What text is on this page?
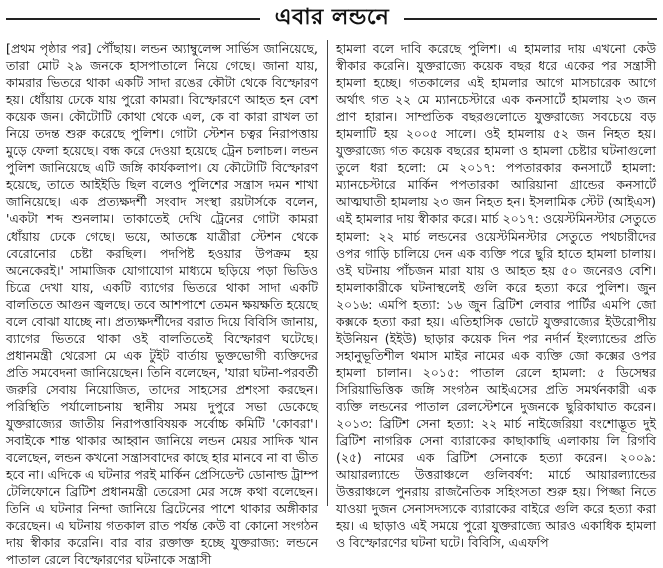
এবার লন্ডনে

[প্রথম পৃষ্ঠার পর] পৌঁছায়। লন্ডন অ্যাম্বুলেন্স সার্ভিস জানিয়েছে, তারা মোট ২৯ জনকে হাসপাতালে নিয়ে গেছে। জানা যায়, কামরার ভিতরে থাকা একটি সাদা রঙের কৌটা থেকে বিস্ফোরণ হয়। ধোঁয়ায় ঢেকে যায় পুরো কামরা। বিস্ফোরণে আহত হন বেশ কয়েক জন। কৌটোটি কোথা থেকে এল, কে বা কারা রাখল তা নিয়ে তদন্ত শুরু করেছে পুলিশ। গোটা স্টেশন চত্বর নিরাপত্তায় মুড়ে ফেলা হয়েছে। বন্ধ করে দেওয়া হয়েছে ট্রেন চলাচল। লন্ডন পুলিশ জানিয়েছে এটি জঙ্গি কার্যকলাপ। যে কৌটোটি বিস্ফোরণ হয়েছে, তাতে আইইডি ছিল বলেও পুলিশের সন্ত্রাস দমন শাখা জানিয়েছে। এক প্রত্যক্ষদর্শী সংবাদ সংস্থা রয়টার্সকে বলেন, 'একটা শব্দ শুনলাম। তাকাতেই দেখি ট্রেনের গোটা কামরা ধোঁয়ায় ঢেকে গেছে। ভয়ে, আতঙ্কে যাত্রীরা স্টেশন থেকে বেরোনোর চেষ্টা করছিল। পদপিষ্ট হওয়ার উপক্রম হয় অনেকেরই।' সামাজিক যোগাযোগ মাধ্যমে ছড়িয়ে পড়া ভিডিও চিত্রে দেখা যায়, একটি ব্যাগের ভিতরে থাকা সাদা একটি বালতিতে আগুন জ্বলছে। তবে আশপাশে তেমন ক্ষয়ক্ষতি হয়েছে বলে বোঝা যাচ্ছে না। প্রত্যক্ষদর্শীদের বরাত দিয়ে বিবিসি জানায়, ব্যাগের ভিতরে থাকা ওই বালতিতেই বিস্ফোরণ ঘটেছে। প্রধানমন্ত্রী থেরেসা মে এক টুইট বার্তায় ভুক্তভোগী ব্যক্তিদের প্রতি সমবেদনা জানিয়েছেন। তিনি বলেছেন, 'যারা ঘটনা-পরবর্তী জরুরি সেবায় নিয়োজিত, তাদের সাহসের প্রশংসা করছেন। পরিস্থিতি পর্যালোচনায় স্থানীয় সময় দুপুরে সভা ডেকেছে যুক্তরাজ্যের জাতীয় নিরাপত্তাবিষয়ক সর্বোচ্চ কমিটি 'কোবরা'। সবাইকে শান্ত থাকার আহ্বান জানিয়ে লন্ডন মেয়র সাদিক খান বলেছেন, লন্ডন কখনো সন্ত্রাসবাদের কাছে হার মানবে না বা ভীত হবে না। এদিকে এ ঘটনার পরই মার্কিন প্রেসিডেন্ট ডোনাল্ড ট্রাম্প টেলিফোনে ব্রিটিশ প্রধানমন্ত্রী তেরেসা মের সঙ্গে কথা বলেছেন। তিনি এ ঘটনার নিন্দা জানিয়ে ব্রিটেনের পাশে থাকার অঙ্গীকার করেছেন। এ ঘটনায় গতকাল রাত পর্যন্ত কেউ বা কোনো সংগঠন দায় স্বীকার করেনি। বার বার রক্তাক্ত হচ্ছে যুক্তরাজ্য: লন্ডনে পাতাল রেলে বিস্ফোরণের ঘটনাকে সন্ত্রাসী

হামলা বলে দাবি করেছে পুলিশ। এ হামলার দায় এখনো কেউ স্বীকার করেনি। যুক্তরাজ্যে কয়েক বছর ধরে একের পর সন্ত্রাসী হামলা হচ্ছে। গতকালের এই হামলার আগে মাসচারেক আগে অর্থাৎ গত ২২ মে ম্যানচেস্টারে এক কনসার্টে হামলায় ২৩ জন প্রাণ হারান। সাম্প্রতিক বছরগুলোতে যুক্তরাজ্যে সবচেয়ে বড় হামলাটি হয় ২০০৫ সালে। ওই হামলায় ৫২ জন নিহত হয়। যুক্তরাজ্যে গত কয়েক বছরের হামলা ও হামলা চেষ্টার ঘটনাগুলো তুলে ধরা হলো: মে ২০১৭: পপতারকার কনসার্টে হামলা: ম্যানচেস্টারে মার্কিন পপতারকা আরিয়ানা গ্রান্ডের কনসার্টে আত্মঘাতী হামলায় ২৩ জন নিহত হন। ইসলামিক স্টেট (আইএস) এই হামলার দায় স্বীকার করে। মার্চ ২০১৭: ওয়েস্টমিনস্টার সেতুতে হামলা: ২২ মার্চ লন্ডনের ওয়েস্টমিনস্টার সেতুতে পথচারীদের ওপর গাড়ি চালিয়ে দেন এক ব্যক্তি পরে ছুরি হাতে হামলা চালায়। ওই ঘটনায় পাঁচজন মারা যায় ও আহত হয় ৫০ জনেরও বেশি। হামলাকারীকে ঘটনাস্থলেই গুলি করে হত্যা করে পুলিশ। জুন ২০১৬: এমপি হত্যা: ১৬ জুন ব্রিটিশ লেবার পার্টির এমপি জো কক্সকে হত্যা করা হয়। এতিহাসিক ভোটে যুক্তরাজ্যের ইউরোপীয় ইউনিয়ন (ইইউ) ছাড়ার কয়েক দিন পর নর্দার্ন ইংল্যান্ডের প্রতি সহানুভূতিশীল থমাস মাইর নামের এক ব্যক্তি জো কক্সের ওপর হামলা চালান। ২০১৫: পাতাল রেলে হামলা: ৫ ডিসেম্বর সিরিয়াভিত্তিক জঙ্গি সংগঠন আইএসের প্রতি সমর্থনকারী এক ব্যক্তি লন্ডনের পাতাল রেলস্টেশনে দুজনকে ছুরিকাঘাত করেন। ২০১৩: ব্রিটিশ সেনা হত্যা: ২২ মার্চ নাইজেরিয়া বংশোদ্ভূত দুই ব্রিটিশ নাগরিক সেনা ব্যারাকের কাছাকাছি এলাকায় লি রিগবি (২৫) নামের এক ব্রিটিশ সেনাকে হত্যা করেন। ২০০৯: আয়ারল্যান্ডে উত্তরাঞ্চলে গুলিবর্ষণ: মার্চে আয়ারল্যান্ডের উত্তরাঞ্চলে পুনরায় রাজনৈতিক সহিংসতা শুরু হয়। পিজ্জা নিতে যাওয়া দুজন সেনাসদস্যকে ব্যারাকের বাইরে গুলি করে হত্যা করা হয়। এ ছাড়াও এই সময়ে পুরো যুক্তরাজ্যে আরও একাধিক হামলা ও বিস্ফোরণের ঘটনা ঘটে। বিবিসি, এএফপি
